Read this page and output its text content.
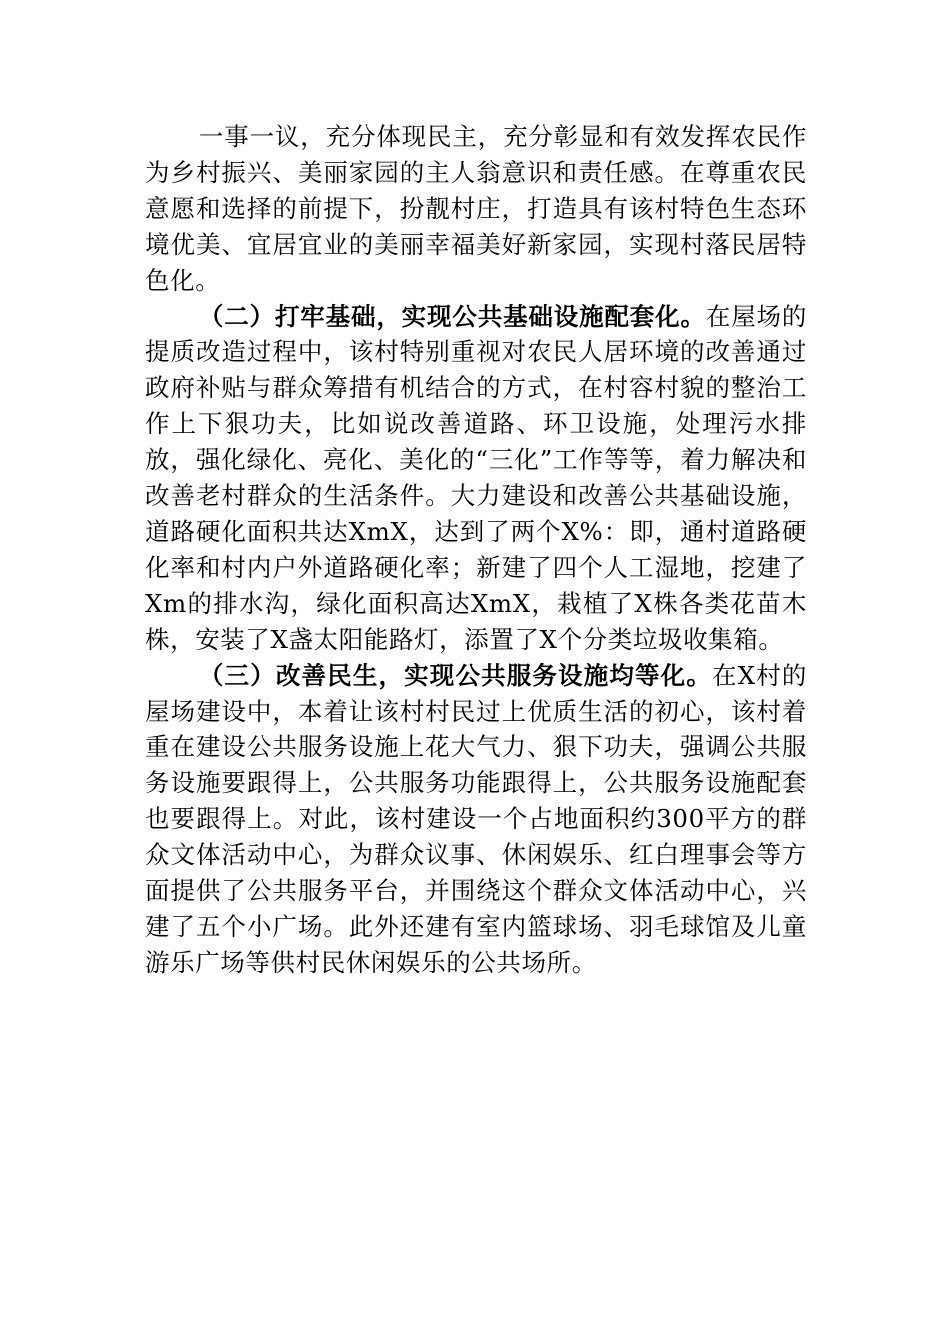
一事一议，充分体现民主，充分彰显和有效发挥农民作为乡村振兴、美丽家园的主人翁意识和责任感。在尊重农民意愿和选择的前提下，扮靓村庄，打造具有该村特色生态环境优美、宜居宜业的美丽幸福美好新家园，实现村落民居特色化。

（二）打牢基础，实现公共基础设施配套化。在屋场的提质改造过程中，该村特别重视对农民人居环境的改善通过政府补贴与群众筹措有机结合的方式，在村容村貌的整治工作上下狠功夫，比如说改善道路、环卫设施，处理污水排放，强化绿化、亮化、美化的“三化”工作等等，着力解决和改善老村群众的生活条件。大力建设和改善公共基础设施，道路硬化面积共达XmX，达到了两个X%：即，通村道路硬化率和村内户外道路硬化率；新建了四个人工湿地，挖建了Xm的排水沟，绿化面积高达XmX，栽植了X株各类花苗木株，安装了X盏太阳能路灯，添置了X个分类垃圾收集箱。

（三）改善民生，实现公共服务设施均等化。在X村的屋场建设中，本着让该村村民过上优质生活的初心，该村着重在建设公共服务设施上花大气力、狠下功夫，强调公共服务设施要跟得上，公共服务功能跟得上，公共服务设施配套也要跟得上。对此，该村建设一个占地面积约300平方的群众文体活动中心，为群众议事、休闲娱乐、红白理事会等方面提供了公共服务平台，并围绕这个群众文体活动中心，兴建了五个小广场。此外还建有室内篮球场、羽毛球馆及儿童游乐广场等供村民休闲娱乐的公共场所。
